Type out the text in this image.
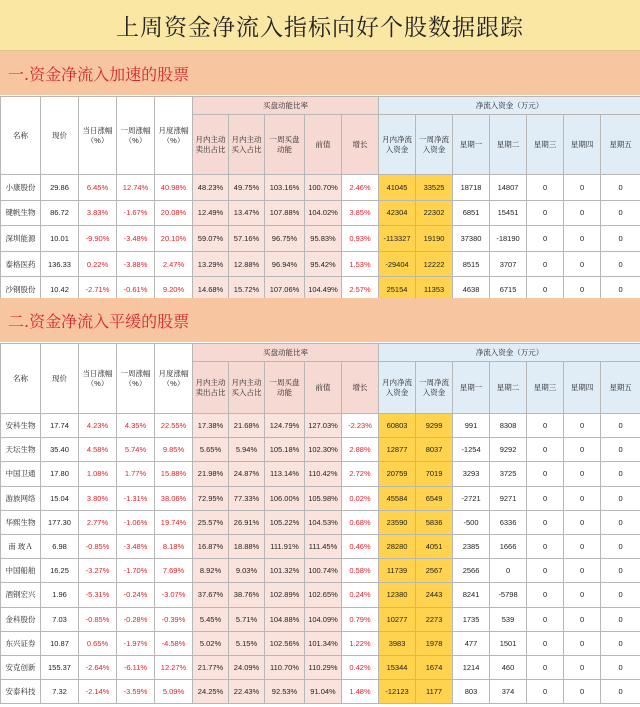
上周资金净流入指标向好个股数据跟踪
一.资金净流入加速的股票
名称	现价	当日涨幅（%）	一周涨幅（%）	月度涨幅（%）	买盘动能比率					净流入资金（万元）						
					月内主动卖出占比	月内主动买入占比	一周买盘动能	前值	增长	月内净流入资金	一周净流入资金	星期一	星期二	星期三	星期四	星期五
小康股份	29.86	6.45%	12.74%	40.98%	48.23%	49.75%	103.16%	100.70%	2.46%	41045	33525	18718	14807	0	0	0
键帆生物	86.72	3.83%	-1.67%	20.08%	12.49%	13.47%	107.88%	104.02%	3.85%	42304	22302	6851	15451	0	0	0
深圳能源	10.01	-9.90%	-3.48%	20.10%	59.07%	57.16%	96.75%	95.83%	0.93%	-113327	19190	37380	-18190	0	0	0
泰格医药	136.33	0.22%	-3.88%	2.47%	13.29%	12.88%	96.94%	95.42%	1.53%	-29404	12222	8515	3707	0	0	0
沙钢股份	10.42	-2.71%	-0.61%	9.20%	14.68%	15.72%	107.06%	104.49%	2.57%	25154	11353	4638	6715	0	0	0
二.资金净流入平缓的股票
名称	现价	当日涨幅（%）	一周涨幅（%）	月度涨幅（%）	买盘动能比率					净流入资金（万元）						
					月内主动卖出占比	月内主动买入占比	一周买盘动能	前值	增长	月内净流入资金	一周净流入资金	星期一	星期二	星期三	星期四	星期五
安科生物	17.74	4.23%	4.35%	22.55%	17.38%	21.68%	124.79%	127.03%	-2.23%	60803	9299	991	8308	0	0	0
天坛生物	35.40	4.58%	5.74%	9.85%	5.65%	5.94%	105.18%	102.30%	2.88%	12877	8037	-1254	9292	0	0	0
中国卫通	17.80	1.08%	1.77%	15.88%	21.98%	24.87%	113.14%	110.42%	2.72%	20759	7019	3293	3725	0	0	0
游族网络	15.04	3.80%	-1.31%	38.06%	72.95%	77.33%	106.00%	105.98%	0.02%	45584	6549	-2721	9271	0	0	0
华熙生物	177.30	2.77%	-1.06%	19.74%	25.57%	26.91%	105.22%	104.53%	0.68%	23590	5836	-500	6336	0	0	0
南 玻Ａ	6.98	-0.85%	-3.48%	8.18%	16.87%	18.88%	111.91%	111.45%	0.46%	28280	4051	2385	1666	0	0	0
中国船舶	16.25	-3.27%	-1.70%	7.69%	8.92%	9.03%	101.32%	100.74%	0.58%	11739	2567	2566	0	0	0	0
酒钢宏兴	1.96	-5.31%	-0.24%	-3.07%	37.67%	38.76%	102.89%	102.65%	0.24%	12380	2443	8241	-5798	0	0	0
金科股份	7.03	-0.85%	-0.28%	-0.39%	5.45%	5.71%	104.88%	104.09%	0.79%	10277	2273	1735	539	0	0	0
东兴证券	10.87	0.65%	-1.97%	-4.58%	5.02%	5.15%	102.56%	101.34%	1.22%	3983	1978	477	1501	0	0	0
安克创新	155.37	-2.64%	-6.11%	12.27%	21.77%	24.09%	110.70%	110.29%	0.42%	15344	1674	1214	460	0	0	0
安泰科技	7.32	-2.14%	-3.59%	5.09%	24.25%	22.43%	92.53%	91.04%	1.48%	-12123	1177	803	374	0	0	0
